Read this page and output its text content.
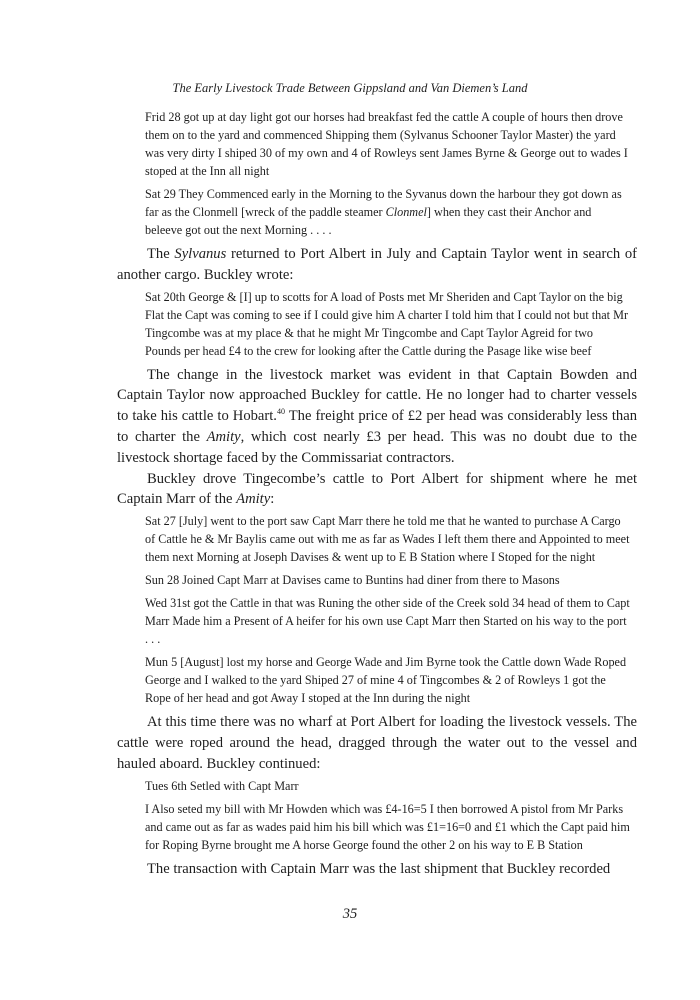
The Early Livestock Trade Between Gippsland and Van Diemen’s Land

Frid 28 got up at day light got our horses had breakfast fed the cattle A couple of hours then drove them on to the yard and commenced Shipping them (Sylvanus Schooner Taylor Master) the yard was very dirty I shiped 30 of my own and 4 of Rowleys sent James Byrne & George out to wades I stoped at the Inn all night

Sat 29 They Commenced early in the Morning to the Syvanus down the harbour they got down as far as the Clonmell [wreck of the paddle steamer Clonmel] when they cast their Anchor and beleeve got out the next Morning . . . .

The Sylvanus returned to Port Albert in July and Captain Taylor went in search of another cargo. Buckley wrote:

Sat 20th George & [I] up to scotts for A load of Posts met Mr Sheriden and Capt Taylor on the big Flat the Capt was coming to see if I could give him A charter I told him that I could not but that Mr Tingcombe was at my place & that he might Mr Tingcombe and Capt Taylor Agreid for two Pounds per head £4 to the crew for looking after the Cattle during the Pasage like wise beef

The change in the livestock market was evident in that Captain Bowden and Captain Taylor now approached Buckley for cattle. He no longer had to charter vessels to take his cattle to Hobart.$^{40}$ The freight price of £2 per head was considerably less than to charter the Amity, which cost nearly £3 per head. This was no doubt due to the livestock shortage faced by the Commissariat contractors.

Buckley drove Tingecombe’s cattle to Port Albert for shipment where he met Captain Marr of the Amity:

Sat 27 [July] went to the port saw Capt Marr there he told me that he wanted to purchase A Cargo of Cattle he & Mr Baylis came out with me as far as Wades I left them there and Appointed to meet them next Morning at Joseph Davises & went up to E B Station where I Stoped for the night

Sun 28 Joined Capt Marr at Davises came to Buntins had diner from there to Masons

Wed 31st got the Cattle in that was Runing the other side of the Creek sold 34 head of them to Capt Marr Made him a Present of A heifer for his own use Capt Marr then Started on his way to the port . . .

Mun 5 [August] lost my horse and George Wade and Jim Byrne took the Cattle down Wade Roped George and I walked to the yard Shiped 27 of mine 4 of Tingcombes & 2 of Rowleys 1 got the Rope of her head and got Away I stoped at the Inn during the night

At this time there was no wharf at Port Albert for loading the livestock vessels. The cattle were roped around the head, dragged through the water out to the vessel and hauled aboard. Buckley continued:

Tues 6th Setled with Capt Marr

I Also seted my bill with Mr Howden which was £4-16=5 I then borrowed A pistol from Mr Parks and came out as far as wades paid him his bill which was £1=16=0 and £1 which the Capt paid him for Roping Byrne brought me A horse George found the other 2 on his way to E B Station

The transaction with Captain Marr was the last shipment that Buckley recorded

35
